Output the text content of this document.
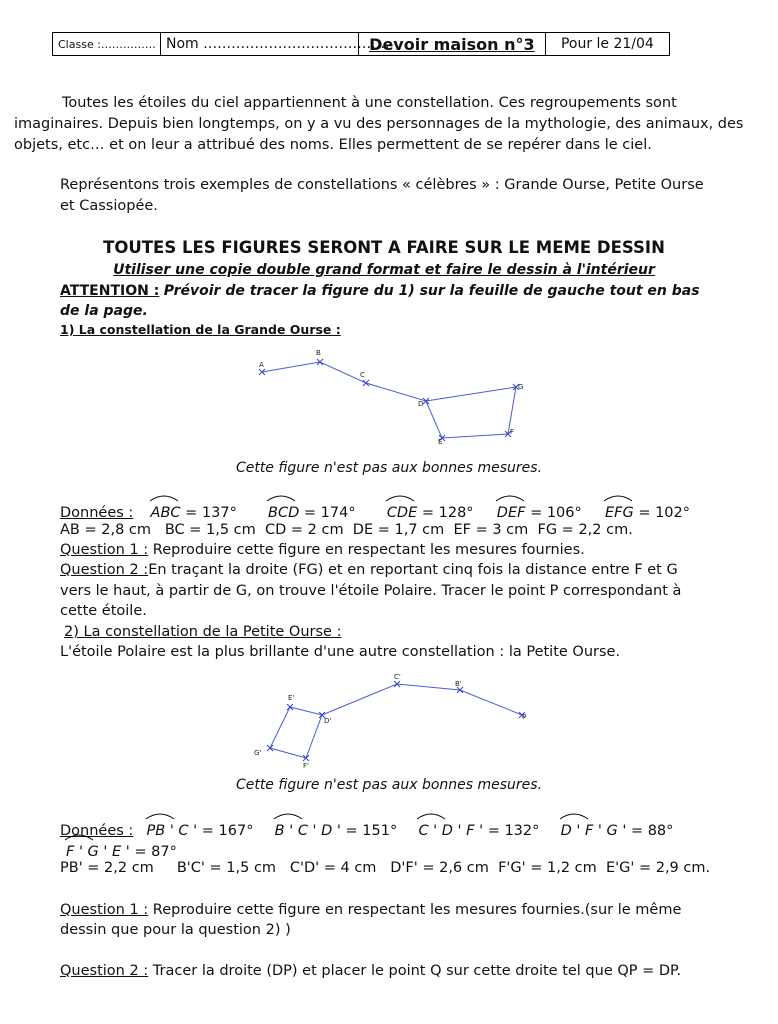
Classe :…………… Nom ……………………………….…
Devoir maison n°3	Pour le 21/04

Toutes les étoiles du ciel appartiennent à une constellation. Ces regroupements sont

imaginaires. Depuis bien longtemps, on y a vu des personnages de la mythologie, des animaux, des

objets, etc… et on leur a attribué des noms. Elles permettent de se repérer dans le ciel.

Représentons trois exemples de constellations « célèbres » : Grande Ourse, Petite Ourse

et Cassiopée.

TOUTES LES FIGURES SERONT A FAIRE SUR LE MEME DESSIN
Utiliser une copie double grand format et faire le dessin à l'intérieur
ATTENTION : Prévoir de tracer la figure du 1) sur la feuille de gauche tout en bas
de la page.
1) La constellation de la Grande Ourse :
A
B
C
D
E
F
G
Cette figure n'est pas aux bonnes mesures.
Données : ABC = 137° BCD = 174° CDE = 128° DEF = 106° EFG = 102°
AB = 2,8 cm   BC = 1,5 cm  CD = 2 cm  DE = 1,7 cm  EF = 3 cm  FG = 2,2 cm.
Question 1 : Reproduire cette figure en respectant les mesures fournies.
Question 2 :En traçant la droite (FG) et en reportant cinq fois la distance entre F et G
vers le haut, à partir de G, on trouve l'étoile Polaire. Tracer le point P correspondant à
cette étoile.
2) La constellation de la Petite Ourse :
L'étoile Polaire est la plus brillante d'une autre constellation : la Petite Ourse.
P
B'
C'
D'
E'
F'
G'
Cette figure n'est pas aux bonnes mesures.
Données : PB ' C ' = 167° B ' C ' D ' = 151° C ' D ' F ' = 132° D ' F ' G ' = 88°
F ' G ' E ' = 87°
PB' = 2,2 cm     B'C' = 1,5 cm   C'D' = 4 cm   D'F' = 2,6 cm  F'G' = 1,2 cm  E'G' = 2,9 cm.
Question 1 : Reproduire cette figure en respectant les mesures fournies.(sur le même
dessin que pour la question 2) )
Question 2 : Tracer la droite (DP) et placer le point Q sur cette droite tel que QP = DP.
